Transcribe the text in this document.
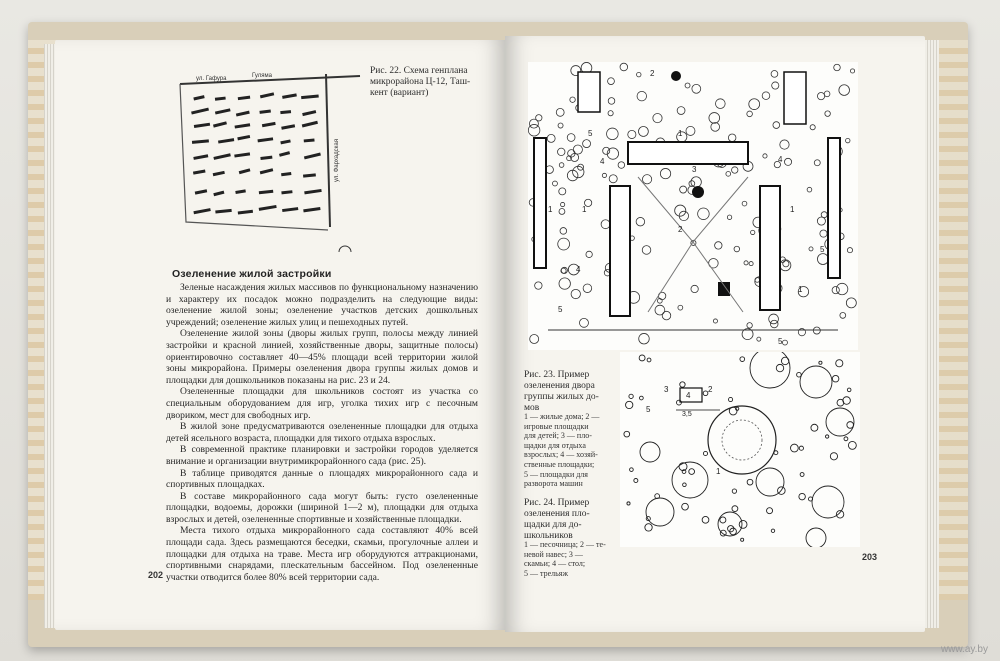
ул. Гафура	Гуляма
ул. Фархадская
Рис. 22. Схема генплана
микрорайона Ц-12, Таш-
кент (вариант)
Озеленение жилой застройки

Зеленые насаждения жилых массивов по функциональному назначению и характеру их посадок можно подразделить на следующие виды: озеленение жилой зоны; озеленение участков детских дошкольных учреждений; озеленение жилых улиц и пешеходных путей.

Озеленение жилой зоны (дворы жилых групп, полосы между линией застройки и красной линией, хозяйственные дворы, защитные полосы) ориентировочно составляет 40—45% площади всей территории жилой зоны микрорайона. Примеры озеленения двора группы жилых домов и площадки для дошкольников показаны на рис. 23 и 24.

Озелененные площадки для школьников состоят из участка со специальным оборудованием для игр, уголка тихих игр с песочным двориком, мест для свободных игр.

В жилой зоне предусматриваются озелененные площадки для отдыха детей ясельного возраста, площадки для тихого отдыха взрослых.

В современной практике планировки и застройки городов уделяется внимание и организации внутримикрорайонного сада (рис. 25).

В таблице приводятся данные о площадях микрорайонного сада и спортивных площадках.

В составе микрорайонного сада могут быть: густо озелененные площадки, водоемы, дорожки (шириной 1—2 м), площадки для отдыха взрослых и детей, озелененные спортивные и хозяйственные площадки.

Места тихого отдыха микрорайонного сада составляют 40% всей площади сада. Здесь размещаются беседки, скамьи, прогулочные аллеи и площадки для отдыха на траве. Места игр оборудуются аттракционами, спортивными снарядами, плескательным бассейном. Под озелененные участки отводится более 80% всей территории сада.

202
1
2
3
4
5
1
2
4
5
1
5
1
5
1
4
Рис. 23. Пример
озеленения двора
группы жилых до-
мов
1 — жилые дома; 2 —
игровые площадки
для детей; 3 — пло-
щадки для отдыха
взрослых; 4 — хозяй-
ственные площадки;
5 — площадки для
разворота машин
3,5
3
4
2
5
1
Рис. 24. Пример
озеленения пло-
щадки для до-
школьников
1 — песочница; 2 — те-
невой навес; 3 —
скамьи; 4 — стол;
5 — трельяж
203
www.ay.by
